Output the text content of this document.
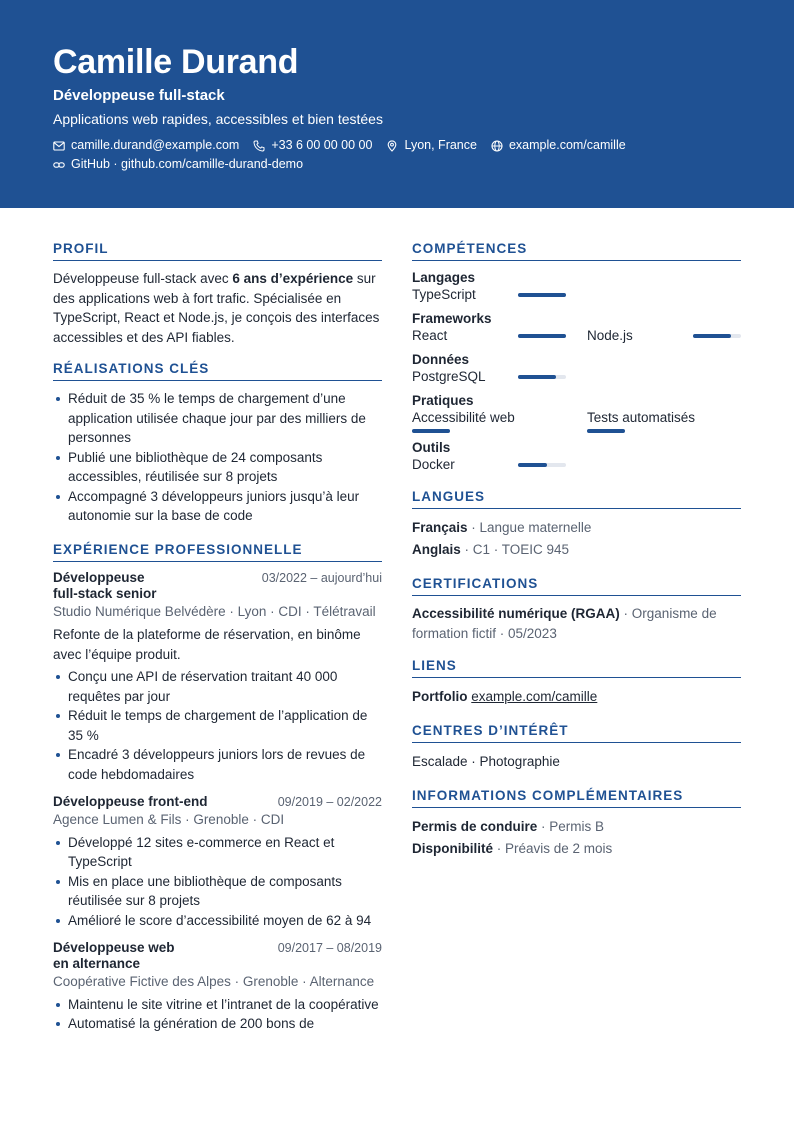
Camille Durand
Développeuse full-stack
Applications web rapides, accessibles et bien testées
camille.durand@example.com	+33 6 00 00 00 00	Lyon, France	example.com/camille
GitHub · github.com/camille-durand-demo
PROFIL

Développeuse full-stack avec 6 ans d’expérience sur des applications web à fort trafic. Spécialisée en TypeScript, React et Node.js, je conçois des interfaces accessibles et des API fiables.

RÉALISATIONS CLÉS
Réduit de 35 % le temps de chargement d’une application utilisée chaque jour par des milliers de personnes
Publié une bibliothèque de 24 composants accessibles, réutilisée sur 8 projets
Accompagné 3 développeurs juniors jusqu’à leur autonomie sur la base de code
EXPÉRIENCE PROFESSIONNELLE
Développeuse full-stack senior
03/2022 – aujourd’hui
Studio Numérique Belvédère · Lyon · CDI · Télétravail

Refonte de la plateforme de réservation, en binôme avec l’équipe produit.

Conçu une API de réservation traitant 40 000 requêtes par jour
Réduit le temps de chargement de l’application de 35 %
Encadré 3 développeurs juniors lors de revues de code hebdomadaires
Développeuse front-end	09/2019 – 02/2022
Agence Lumen & Fils · Grenoble · CDI
Développé 12 sites e-commerce en React et TypeScript
Mis en place une bibliothèque de composants réutilisée sur 8 projets
Amélioré le score d’accessibilité moyen de 62 à 94
Développeuse web en alternance
09/2017 – 08/2019
Coopérative Fictive des Alpes · Grenoble · Alternance
Maintenu le site vitrine et l’intranet de la coopérative
Automatisé la génération de 200 bons de
COMPÉTENCES
Langages
TypeScript
Frameworks
React	Node.js
Données
PostgreSQL
Pratiques
Accessibilité web	Tests automatisés
Outils
Docker
LANGUES
Français · Langue maternelle
Anglais · C1 · TOEIC 945
CERTIFICATIONS

Accessibilité numérique (RGAA) · Organisme de formation fictif · 05/2023

LIENS
Portfolio example.com/camille
CENTRES D’INTÉRÊT
Escalade · Photographie
INFORMATIONS COMPLÉMENTAIRES
Permis de conduire · Permis B
Disponibilité · Préavis de 2 mois
